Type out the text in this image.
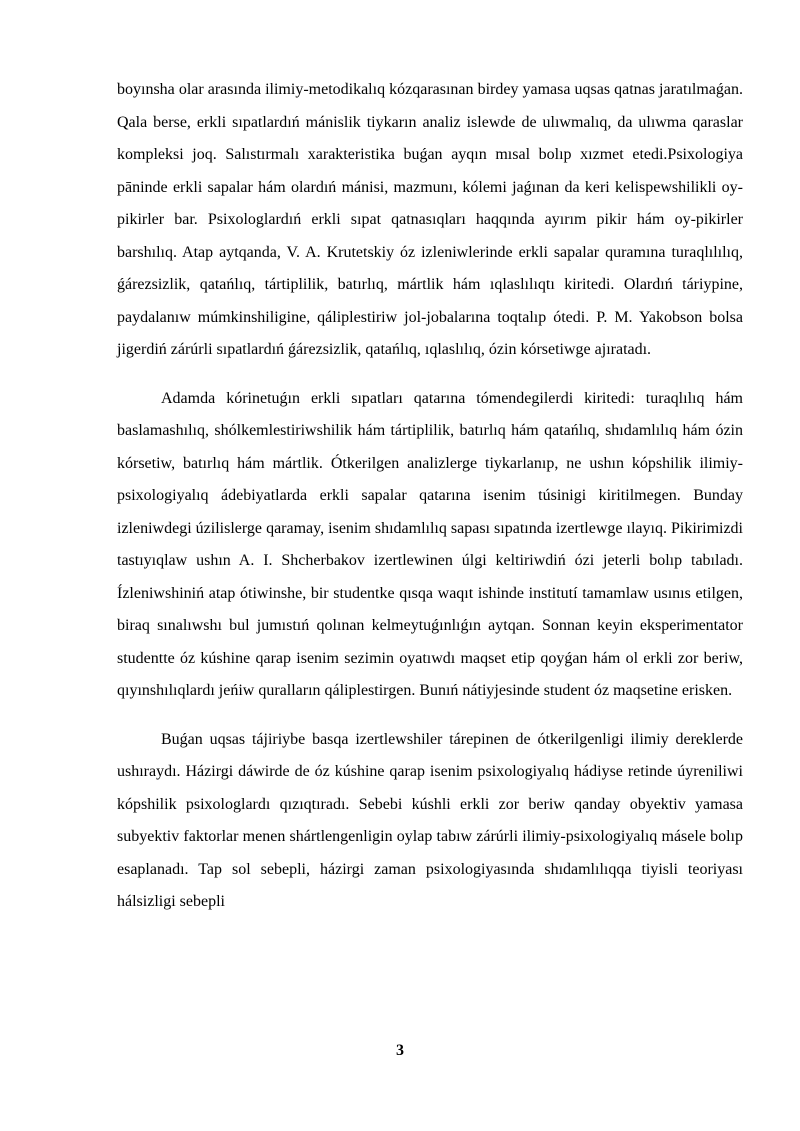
boyınsha olar arasında ilimiy-metodikalıq kózqarasınan birdey yamasa uqsas qatnas jaratılmaǵan. Qala berse, erkli sıpatlardıń mánislik tiykarın analiz islewde de ulıwmalıq, da ulıwma qaraslar kompleksi joq. Salıstırmalı xarakteristika buǵan ayqın mısal bolıp xızmet etedi.Psixologiya pāninde erkli sapalar hám olardıń mánisi, mazmunı, kólemi jaǵınan da keri kelispewshilikli oy-pikirler bar. Psixologlardıń erkli sıpat qatnasıqları haqqında ayırım pikir hám oy-pikirler barshılıq. Atap aytqanda, V. A. Krutetskiy óz izleniwlerinde erkli sapalar quramına turaqlılılıq, ǵárezsizlik, qatańlıq, tártiplilik, batırlıq, mártlik hám ıqlaslılıqtı kiritedi. Olardıń táriypine, paydalanıw múmkinshiligine, qáliplestiriw jol-jobalarına toqtalıp ótedi. P. M. Yakobson bolsa jigerdiń zárúrli sıpatlardıń ǵárezsizlik, qatańlıq, ıqlaslılıq, ózin kórsetiwge ajıratadı.

Adamda kórinetuǵın erkli sıpatları qatarına tómendegilerdi kiritedi: turaqlılıq hám baslamashılıq, shólkemlestiriwshilik hám tártiplilik, batırlıq hám qatańlıq, shıdamlılıq hám ózin kórsetiw, batırlıq hám mártlik. Ótkerilgen analizlerge tiykarlanıp, ne ushın kópshilik ilimiy-psixologiyalıq ádebiyatlarda erkli sapalar qatarına isenim túsinigi kiritilmegen. Bunday izleniwdegi úzilislerge qaramay, isenim shıdamlılıq sapası sıpatında izertlewge ılayıq. Pikirimizdi tastıyıqlaw ushın A. I. Shcherbakov izertlewinen úlgi keltiriwdiń ózi jeterli bolıp tabıladı. Ízleniwshiniń atap ótiwinshe, bir studentke qısqa waqıt ishinde institutí tamamlaw usınıs etilgen, biraq sınalıwshı bul jumıstıń qolınan kelmeytuǵınlıǵın aytqan. Sonnan keyin eksperimentator studentte óz kúshine qarap isenim sezimin oyatıwdı maqset etip qoyǵan hám ol erkli zor beriw, qıyınshılıqlardı jeńiw quralların qáliplestirgen. Bunıń nátiyjesinde student óz maqsetine erisken.

Buǵan uqsas tájiriybe basqa izertlewshiler tárepinen de ótkerilgenligi ilimiy dereklerde ushıraydı. Házirgi dáwirde de óz kúshine qarap isenim psixologiyalıq hádiyse retinde úyreniliwi kópshilik psixologlardı qızıqtıradı. Sebebi kúshli erkli zor beriw qanday obyektiv yamasa subyektiv faktorlar menen shártlengenligin oylap tabıw zárúrli ilimiy-psixologiyalıq másele bolıp esaplanadı. Tap sol sebepli, házirgi zaman psixologiyasında shıdamlılıqqa tiyisli teoriyası hálsizligi sebepli

3
